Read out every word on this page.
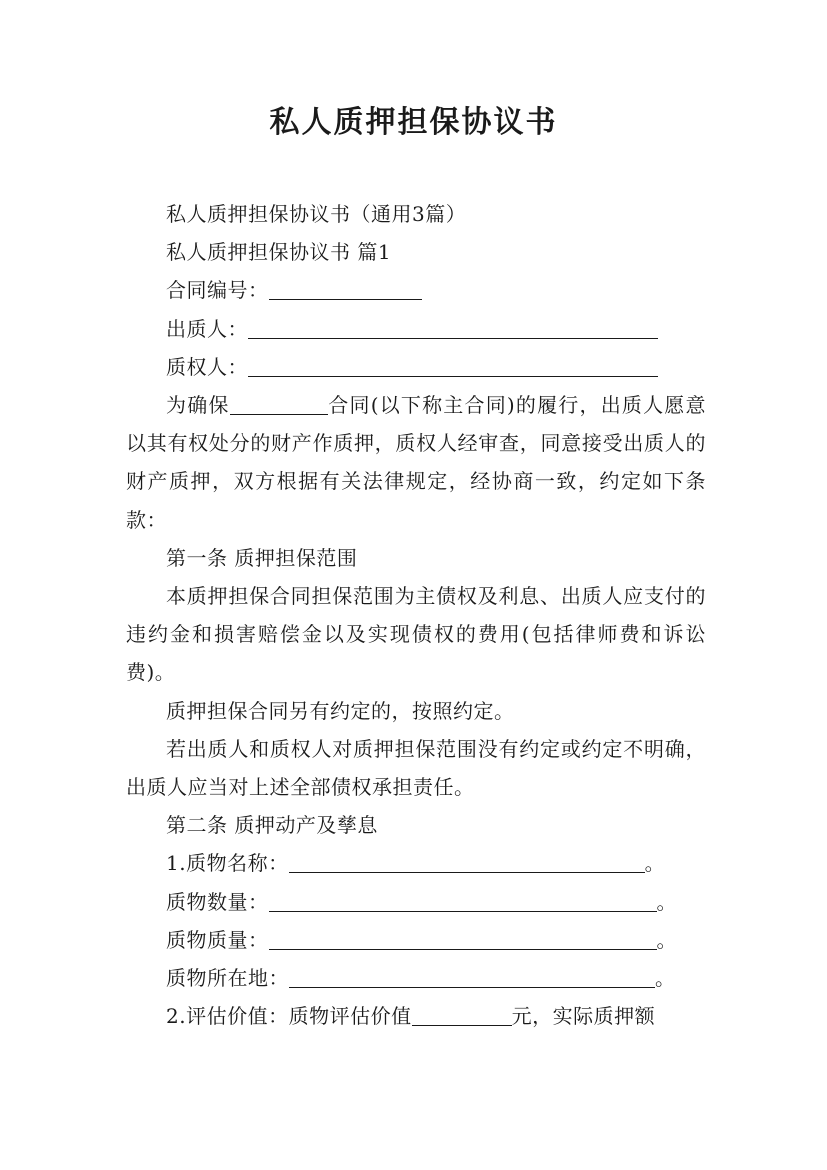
私人质押担保协议书

私人质押担保协议书（通用3篇）

私人质押担保协议书 篇1

合同编号：

出质人：

质权人：

为确保	合同(以下称主合同)的履行，出质人愿意以其有权处分的财产作质押，质权人经审查，同意接受出质人的财产质押，双方根据有关法律规定，经协商一致，约定如下条款：

第一条 质押担保范围

本质押担保合同担保范围为主债权及利息、出质人应支付的违约金和损害赔偿金以及实现债权的费用(包括律师费和诉讼费)。

质押担保合同另有约定的，按照约定。

若出质人和质权人对质押担保范围没有约定或约定不明确，出质人应当对上述全部债权承担责任。

第二条 质押动产及孳息

1.质物名称：	。

质物数量：	。

质物质量：	。

质物所在地：	。

2.评估价值：质物评估价值	元，实际质押额
